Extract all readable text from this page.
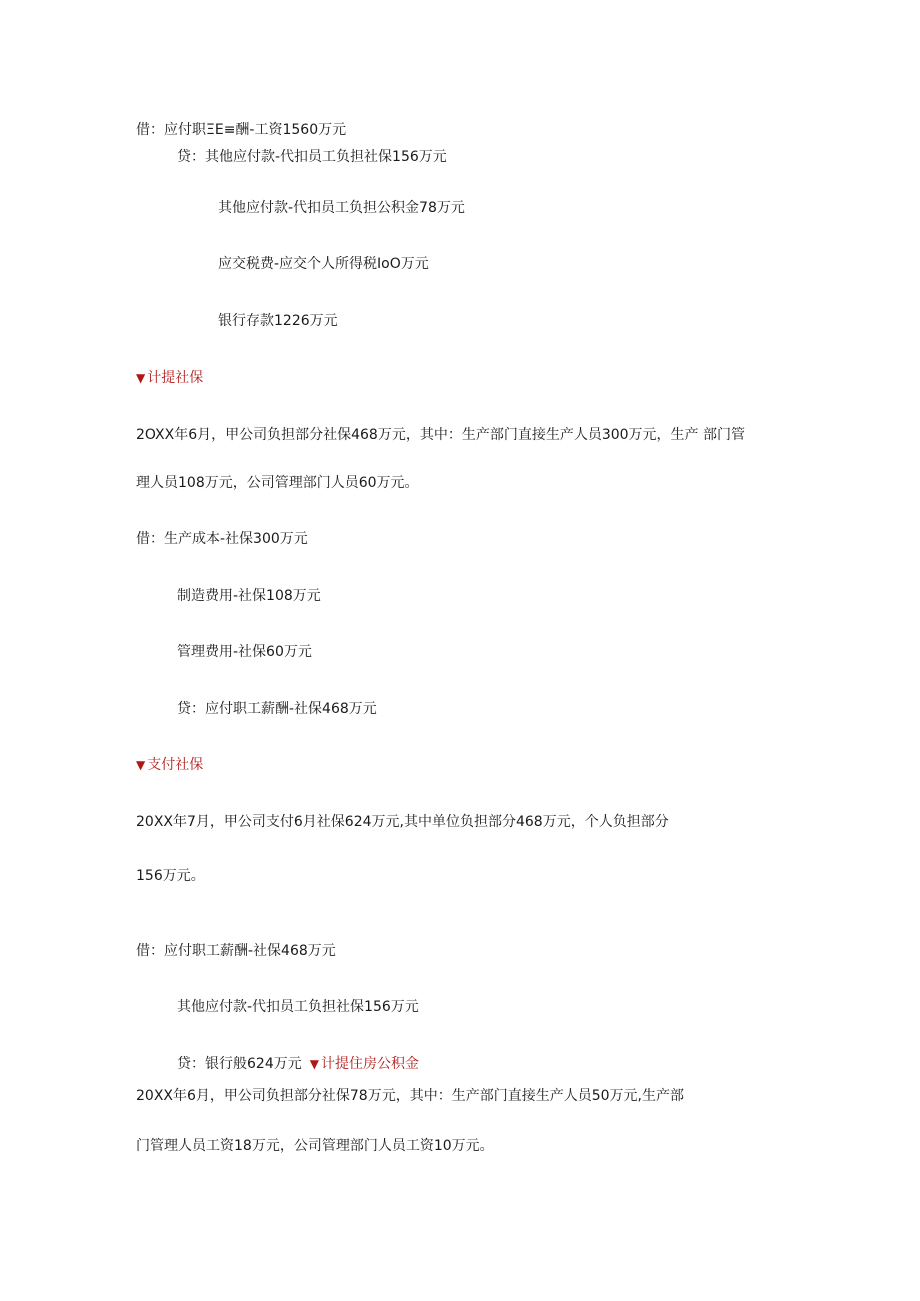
借：应付职ΞE≡酬-工资1560万元
贷：其他应付款-代扣员工负担社保156万元
其他应付款-代扣员工负担公积金78万元
应交税费-应交个人所得税IoO万元
银行存款1226万元
▼ 计提社保
2OXX年6月，甲公司负担部分社保468万元，其中：生产部门直接生产人员300万元，生产 部门管
理人员108万元，公司管理部门人员60万元。
借：生产成本-社保300万元
制造费用-社保108万元
管理费用-社保60万元
贷：应付职工薪酬-社保468万元
▼ 支付社保
20XX年7月，甲公司支付6月社保624万元,其中单位负担部分468万元，个人负担部分
156万元。
借：应付职工薪酬-社保468万元
其他应付款-代扣员工负担社保156万元
贷：银行般624万元 ▼ 计提住房公积金
20XX年6月，甲公司负担部分社保78万元，其中：生产部门直接生产人员50万元,生产部
门管理人员工资18万元，公司管理部门人员工资10万元。
